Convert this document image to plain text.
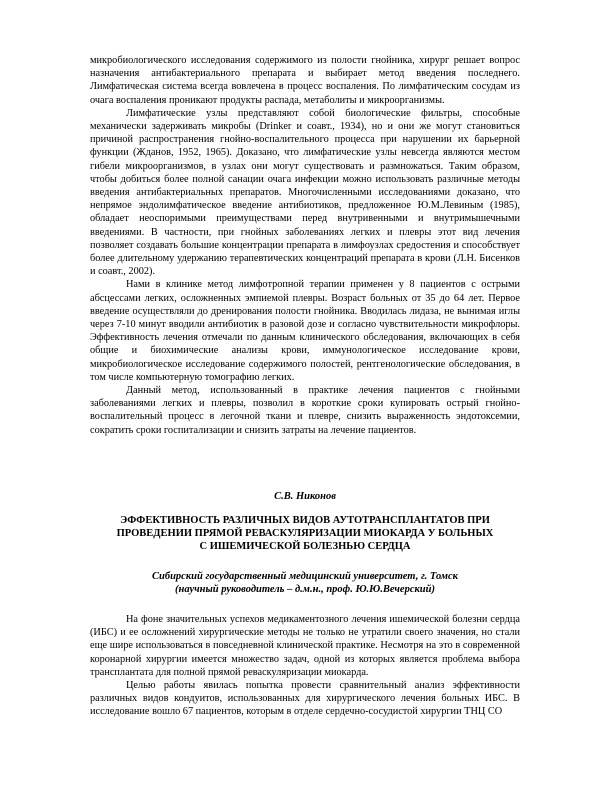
микробиологического исследования содержимого из полости гнойника, хирург решает вопрос назначения антибактериального препарата и выбирает метод введения последнего. Лимфатическая система всегда вовлечена в процесс воспаления. По лимфатическим сосудам из очага воспаления проникают продукты распада, метаболиты и микроорганизмы.

Лимфатические узлы представляют собой биологические фильтры, способные механически задерживать микробы (Drinker и соавт., 1934), но и они же могут становиться причиной распространения гнойно-воспалительного процесса при нарушении их барьерной функции (Жданов, 1952, 1965). Доказано, что лимфатические узлы невсегда являются местом гибели микроорганизмов, в узлах они могут существовать и размножаться. Таким образом, чтобы добиться более полной санации очага инфекции можно использовать различные методы введения антибактериальных препаратов. Многочисленными исследованиями доказано, что непрямое эндолимфатическое введение антибиотиков, предложенное Ю.М.Левиным (1985), обладает неоспоримыми преимуществами перед внутривенными и внутримышечными введениями. В частности, при гнойных заболеваниях легких и плевры этот вид лечения позволяет создавать большие концентрации препарата в лимфоузлах средостения и способствует более длительному удержанию терапевтических концентраций препарата в крови (Л.Н. Бисенков и соавт., 2002).

Нами в клинике метод лимфотропной терапии применен у 8 пациентов с острыми абсцессами легких, осложненных эмпиемой плевры. Возраст больных от 35 до 64 лет. Первое введение осуществляли до дренирования полости гнойника. Вводилась лидаза, не вынимая иглы через 7-10 минут вводили антибиотик в разовой дозе и согласно чувствительности микрофлоры. Эффективность лечения отмечали по данным клинического обследования, включающих в себя общие и биохимические анализы крови, иммунологическое исследование крови, микробиологическое исследование содержимого полостей, рентгенологические обследования, в том числе компьютерную томографию легких.

Данный метод, использованный в практике лечения пациентов с гнойными заболеваниями легких и плевры, позволил в короткие сроки купировать острый гнойно-воспалительный процесс в легочной ткани и плевре, снизить выраженность эндотоксемии, сократить сроки госпитализации и снизить затраты на лечение пациентов.

С.В. Никонов
ЭФФЕКТИВНОСТЬ РАЗЛИЧНЫХ ВИДОВ АУТОТРАНСПЛАНТАТОВ ПРИ
ПРОВЕДЕНИИ ПРЯМОЙ РЕВАСКУЛЯРИЗАЦИИ МИОКАРДА У БОЛЬНЫХ
С ИШЕМИЧЕСКОЙ БОЛЕЗНЬЮ СЕРДЦА
Сибирский государственный медицинский университет, г. Томск
(научный руководитель – д.м.н., проф. Ю.Ю.Вечерский)

На фоне значительных успехов медикаментозного лечения ишемической болезни сердца (ИБС) и ее осложнений хирургические методы не только не утратили своего значения, но стали еще шире использоваться в повседневной клинической практике. Несмотря на это в современной коронарной хирургии имеется множество задач, одной из которых является проблема выбора трансплантата для полной прямой реваскуляризации миокарда.

Целью работы явилась попытка провести сравнительный анализ эффективности различных видов кондуитов, использованных для хирургического лечения больных ИБС. В исследование вошло 67 пациентов, которым в отделе сердечно-сосудистой хирургии ТНЦ СО
